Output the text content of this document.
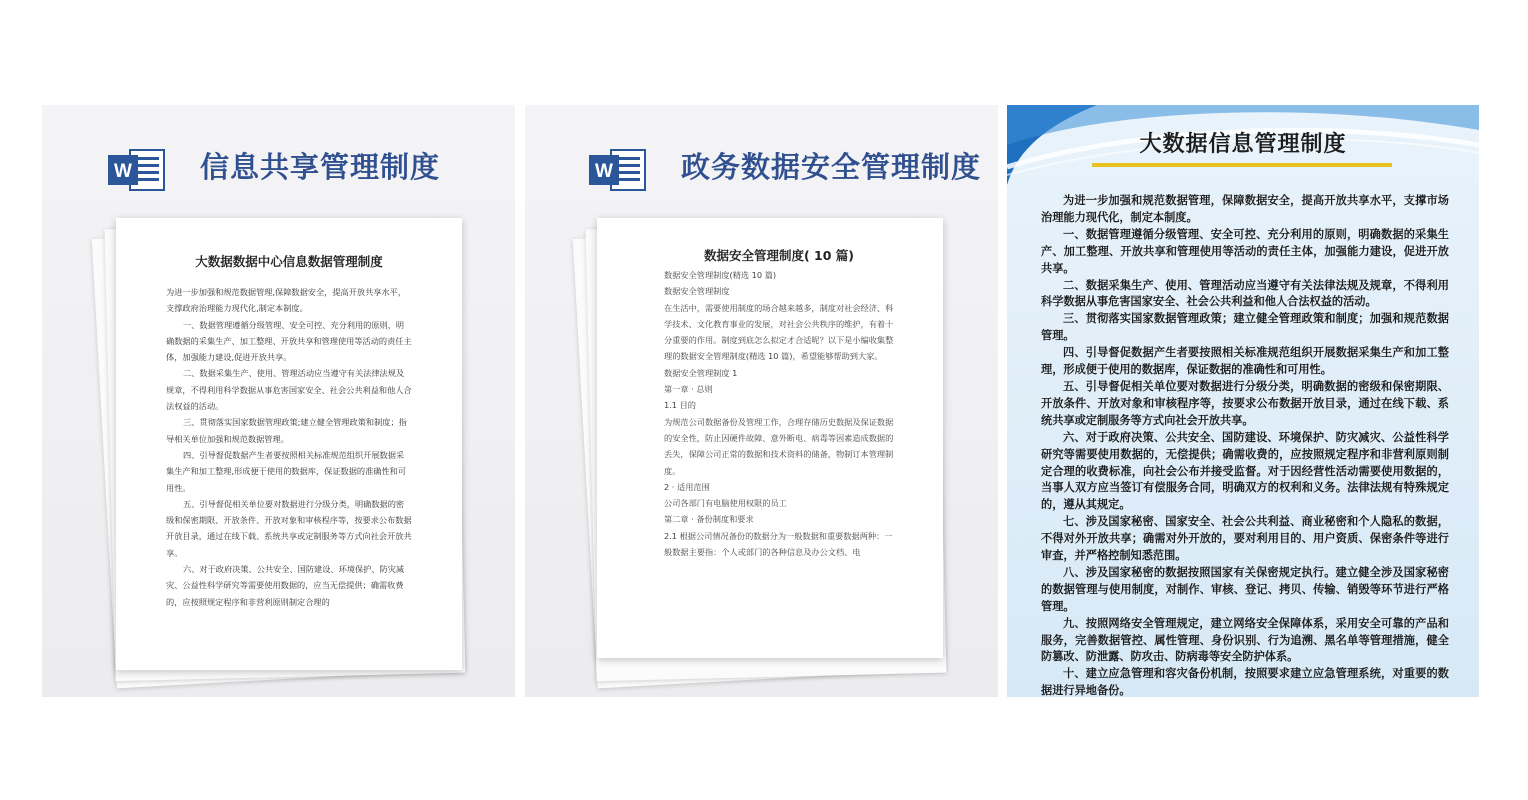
W 信息共享管理制度

大数据数据中心信息数据管理制度

为进一步加强和规范数据管理,保障数据安全，提高开放共享水平，支撑政府治理能力现代化,制定本制度。

一、数据管理遵循分级管理、安全可控、充分利用的原则，明确数据的采集生产、加工整理、开放共享和管理使用等活动的责任主体，加强能力建设,促进开放共享。

二、数据采集生产、使用、管理活动应当遵守有关法律法规及规章，不得利用科学数据从事危害国家安全、社会公共利益和他人合法权益的活动。

三、贯彻落实国家数据管理政策;建立健全管理政策和制度；指导相关单位加强和规范数据管理。

四、引导督促数据产生者要按照相关标准规范组织开展数据采集生产和加工整理,形成便于使用的数据库，保证数据的准确性和可用性。

五、引导督促相关单位要对数据进行分级分类，明确数据的密级和保密期限、开放条件、开放对象和审核程序等，按要求公布数据开放目录，通过在线下载、系统共享或定制服务等方式向社会开放共享。

六、对于政府决策、公共安全、国防建设、环境保护、防灾减灾、公益性科学研究等需要使用数据的，应当无偿提供；确需收费的，应按照规定程序和非营利原则制定合理的

W 政务数据安全管理制度

数据安全管理制度( 10 篇)

数据安全管理制度(精选 10 篇)

数据安全管理制度

在生活中，需要使用制度的场合越来越多，制度对社会经济、科学技术、文化教育事业的发展，对社会公共秩序的维护，有着十分重要的作用。制度到底怎么拟定才合适呢？以下是小编收集整理的数据安全管理制度(精选 10 篇)，希望能够帮助到大家。

数据安全管理制度 1

第一章 · 总则

1.1 目的

为规范公司数据备份及管理工作，合理存储历史数据及保证数据的安全性，防止因硬件故障、意外断电、病毒等因素造成数据的丢失，保障公司正常的数据和技术资料的储备，物制订本管理制度。

2 · 适用范围

公司各部门有电脑使用权限的员工

第二章 · 备份制度和要求

2.1 根据公司情况备份的数据分为一般数据和重要数据两种：一般数据主要指：个人或部门的各种信息及办公文档、电

大数据信息管理制度

为进一步加强和规范数据管理，保障数据安全，提高开放共享水平，支撑市场治理能力现代化，制定本制度。

一、数据管理遵循分级管理、安全可控、充分利用的原则，明确数据的采集生产、加工整理、开放共享和管理使用等活动的责任主体，加强能力建设，促进开放共享。

二、数据采集生产、使用、管理活动应当遵守有关法律法规及规章，不得利用科学数据从事危害国家安全、社会公共利益和他人合法权益的活动。

三、贯彻落实国家数据管理政策；建立健全管理政策和制度；加强和规范数据管理。

四、引导督促数据产生者要按照相关标准规范组织开展数据采集生产和加工整理，形成便于使用的数据库，保证数据的准确性和可用性。

五、引导督促相关单位要对数据进行分级分类，明确数据的密级和保密期限、开放条件、开放对象和审核程序等，按要求公布数据开放目录，通过在线下载、系统共享或定制服务等方式向社会开放共享。

六、对于政府决策、公共安全、国防建设、环境保护、防灾减灾、公益性科学研究等需要使用数据的，无偿提供；确需收费的，应按照规定程序和非营利原则制定合理的收费标准，向社会公布并接受监督。对于因经营性活动需要使用数据的，当事人双方应当签订有偿服务合同，明确双方的权利和义务。法律法规有特殊规定的，遵从其规定。

七、涉及国家秘密、国家安全、社会公共利益、商业秘密和个人隐私的数据，不得对外开放共享；确需对外开放的，要对利用目的、用户资质、保密条件等进行审查，并严格控制知悉范围。

八、涉及国家秘密的数据按照国家有关保密规定执行。建立健全涉及国家秘密的数据管理与使用制度，对制作、审核、登记、拷贝、传输、销毁等环节进行严格管理。

九、按照网络安全管理规定，建立网络安全保障体系，采用安全可靠的产品和服务，完善数据管控、属性管理、身份识别、行为追溯、黑名单等管理措施，健全防篡改、防泄露、防攻击、防病毒等安全防护体系。

十、建立应急管理和容灾备份机制，按照要求建立应急管理系统，对重要的数据进行异地备份。
